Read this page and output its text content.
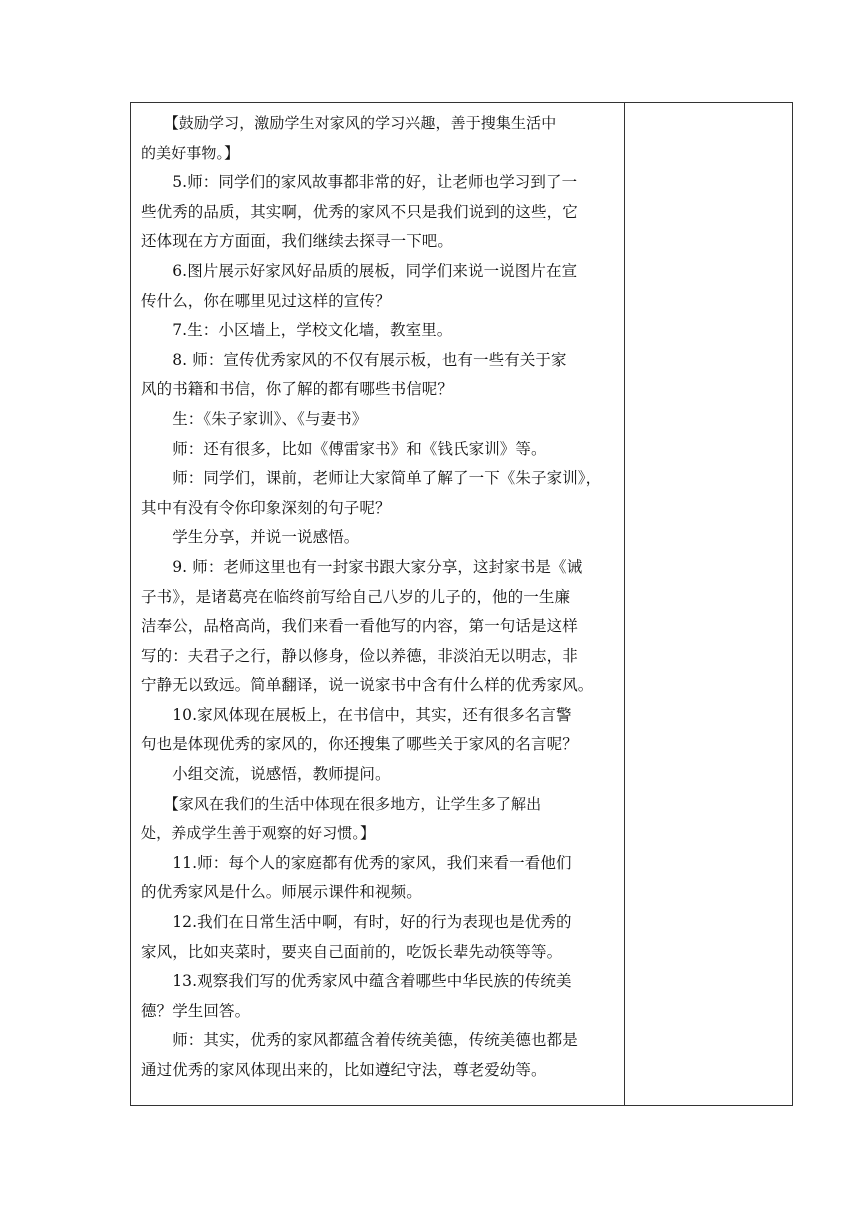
　　【鼓励学习，激励学生对家风的学习兴趣，善于搜集生活中

的美好事物。】

　　5.师：同学们的家风故事都非常的好，让老师也学习到了一

些优秀的品质，其实啊，优秀的家风不只是我们说到的这些，它

还体现在方方面面，我们继续去探寻一下吧。

　　6.图片展示好家风好品质的展板，同学们来说一说图片在宣

传什么，你在哪里见过这样的宣传？

　　7.生：小区墙上，学校文化墙，教室里。

　　8. 师：宣传优秀家风的不仅有展示板，也有一些有关于家

风的书籍和书信，你了解的都有哪些书信呢？

　　生：《朱子家训》、《与妻书》

　　师：还有很多，比如《傅雷家书》和《钱氏家训》等。

　　师：同学们，课前，老师让大家简单了解了一下《朱子家训》，

其中有没有令你印象深刻的句子呢？

　　学生分享，并说一说感悟。

　　9. 师：老师这里也有一封家书跟大家分享，这封家书是《诫

子书》，是诸葛亮在临终前写给自己八岁的儿子的，他的一生廉

洁奉公，品格高尚，我们来看一看他写的内容，第一句话是这样

写的：夫君子之行，静以修身，俭以养德，非淡泊无以明志，非

宁静无以致远。简单翻译，说一说家书中含有什么样的优秀家风。

　　10.家风体现在展板上，在书信中，其实，还有很多名言警

句也是体现优秀的家风的，你还搜集了哪些关于家风的名言呢？

　　小组交流，说感悟，教师提问。

　　【家风在我们的生活中体现在很多地方，让学生多了解出

处，养成学生善于观察的好习惯。】

　　11.师：每个人的家庭都有优秀的家风，我们来看一看他们

的优秀家风是什么。师展示课件和视频。

　　12.我们在日常生活中啊，有时，好的行为表现也是优秀的

家风，比如夹菜时，要夹自己面前的，吃饭长辈先动筷等等。

　　13.观察我们写的优秀家风中蕴含着哪些中华民族的传统美

德？学生回答。

　　师：其实，优秀的家风都蕴含着传统美德，传统美德也都是

通过优秀的家风体现出来的，比如遵纪守法，尊老爱幼等。
